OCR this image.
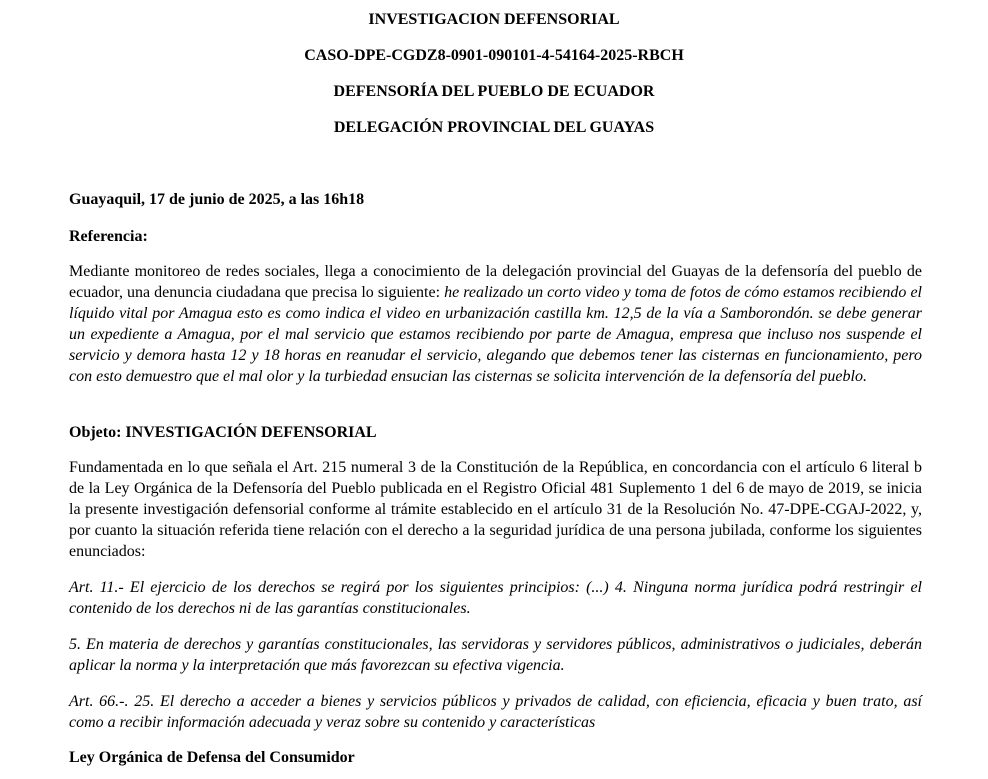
INVESTIGACION DEFENSORIAL
CASO-DPE-CGDZ8-0901-090101-4-54164-2025-RBCH
DEFENSORÍA DEL PUEBLO DE ECUADOR
DELEGACIÓN PROVINCIAL DEL GUAYAS
Guayaquil, 17 de junio de 2025, a las 16h18
Referencia:
Mediante monitoreo de redes sociales, llega a conocimiento de la delegación provincial del Guayas de la defensoría del pueblo de ecuador, una denuncia ciudadana que precisa lo siguiente: he realizado un corto video y toma de fotos de cómo estamos recibiendo el líquido vital por Amagua esto es como indica el video en urbanización castilla km. 12,5 de la vía a Samborondón. se debe generar un expediente a Amagua, por el mal servicio que estamos recibiendo por parte de Amagua, empresa que incluso nos suspende el servicio y demora hasta 12 y 18 horas en reanudar el servicio, alegando que debemos tener las cisternas en funcionamiento, pero con esto demuestro que el mal olor y la turbiedad ensucian las cisternas se solicita intervención de la defensoría del pueblo.
Objeto: INVESTIGACIÓN DEFENSORIAL
Fundamentada en lo que señala el Art. 215 numeral 3 de la Constitución de la República, en concordancia con el artículo 6 literal b de la Ley Orgánica de la Defensoría del Pueblo publicada en el Registro Oficial 481 Suplemento 1 del 6 de mayo de 2019, se inicia la presente investigación defensorial conforme al trámite establecido en el artículo 31 de la Resolución No. 47-DPE-CGAJ-2022, y, por cuanto la situación referida tiene relación con el derecho a la seguridad jurídica de una persona jubilada, conforme los siguientes enunciados:
Art. 11.- El ejercicio de los derechos se regirá por los siguientes principios: (...) 4. Ninguna norma jurídica podrá restringir el contenido de los derechos ni de las garantías constitucionales.
5. En materia de derechos y garantías constitucionales, las servidoras y servidores públicos, administrativos o judiciales, deberán aplicar la norma y la interpretación que más favorezcan su efectiva vigencia.
Art. 66.-. 25. El derecho a acceder a bienes y servicios públicos y privados de calidad, con eficiencia, eficacia y buen trato, así como a recibir información adecuada y veraz sobre su contenido y características
Ley Orgánica de Defensa del Consumidor
